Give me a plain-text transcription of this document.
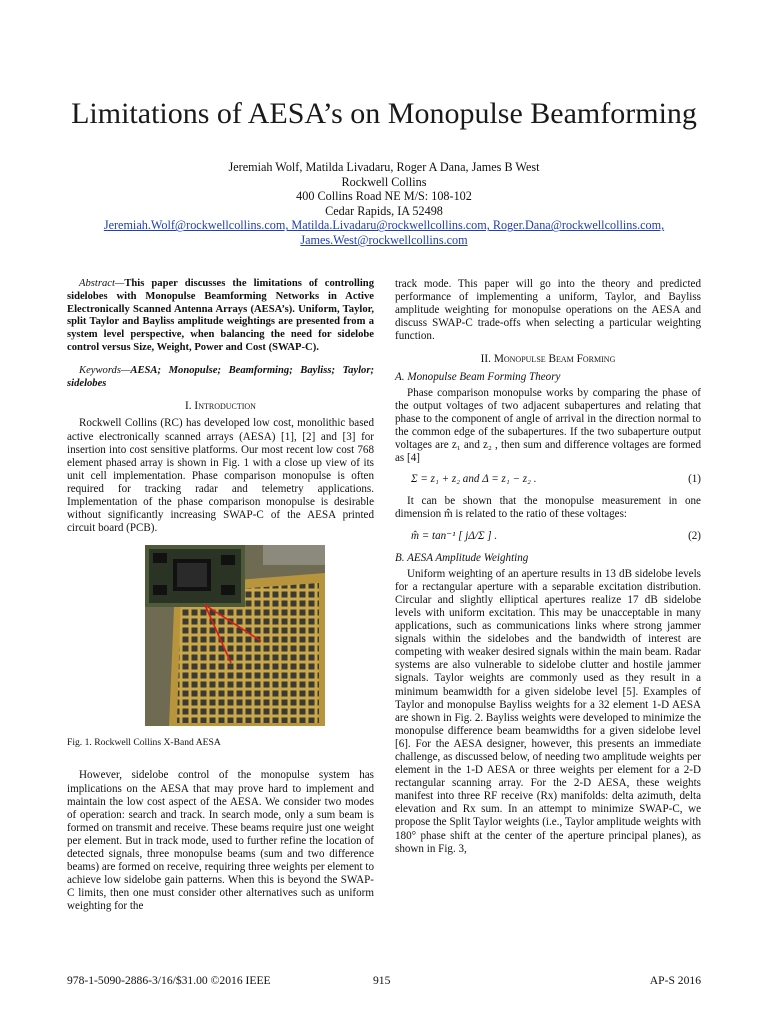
Limitations of AESA’s on Monopulse Beamforming
Jeremiah Wolf, Matilda Livadaru, Roger A Dana, James B West
Rockwell Collins
400 Collins Road NE M/S: 108-102
Cedar Rapids, IA 52498
Jeremiah.Wolf@rockwellcollins.com, Matilda.Livadaru@rockwellcollins.com, Roger.Dana@rockwellcollins.com,
James.West@rockwellcollins.com

Abstract—This paper discusses the limitations of controlling sidelobes with Monopulse Beamforming Networks in Active Electronically Scanned Antenna Arrays (AESA’s). Uniform, Taylor, split Taylor and Bayliss amplitude weightings are presented from a system level perspective, when balancing the need for sidelobe control versus Size, Weight, Power and Cost (SWAP-C).

Keywords—AESA; Monopulse; Beamforming; Bayliss; Taylor; sidelobes

I. Introduction

Rockwell Collins (RC) has developed low cost, monolithic based active electronically scanned arrays (AESA) [1], [2] and [3] for insertion into cost sensitive platforms. Our most recent low cost 768 element phased array is shown in Fig. 1 with a close up view of its unit cell implementation. Phase comparison monopulse is often required for tracking radar and telemetry applications. Implementation of the phase comparison monopulse is desirable without significantly increasing SWAP-C of the AESA printed circuit board (PCB).

Fig. 1. Rockwell Collins X-Band AESA

However, sidelobe control of the monopulse system has implications on the AESA that may prove hard to implement and maintain the low cost aspect of the AESA. We consider two modes of operation: search and track. In search mode, only a sum beam is formed on transmit and receive. These beams require just one weight per element. But in track mode, used to further refine the location of detected signals, three monopulse beams (sum and two difference beams) are formed on receive, requiring three weights per element to achieve low sidelobe gain patterns. When this is beyond the SWAP-C limits, then one must consider other alternatives such as uniform weighting for the

track mode. This paper will go into the theory and predicted performance of implementing a uniform, Taylor, and Bayliss amplitude weighting for monopulse operations on the AESA and discuss SWAP-C trade-offs when selecting a particular weighting function.

II. Monopulse Beam Forming
A. Monopulse Beam Forming Theory

Phase comparison monopulse works by comparing the phase of the output voltages of two adjacent subapertures and relating that phase to the component of angle of arrival in the direction normal to the common edge of the subapertures. If the two subaperture output voltages are z₁ and z₂ , then sum and difference voltages are formed as [4]

Σ = z₁ + z₂ and Δ = z₁ − z₂ .	(1)

It can be shown that the monopulse measurement in one dimension m̂ is related to the ratio of these voltages:

m̂ = tan⁻¹ [ jΔ/Σ ] .	(2)
B. AESA Amplitude Weighting

Uniform weighting of an aperture results in 13 dB sidelobe levels for a rectangular aperture with a separable excitation distribution. Circular and slightly elliptical apertures realize 17 dB sidelobe levels with uniform excitation. This may be unacceptable in many applications, such as communications links where strong jammer signals within the sidelobes and the bandwidth of interest are competing with weaker desired signals within the main beam. Radar systems are also vulnerable to sidelobe clutter and hostile jammer signals. Taylor weights are commonly used as they result in a minimum beamwidth for a given sidelobe level [5]. Examples of Taylor and monopulse Bayliss weights for a 32 element 1-D AESA are shown in Fig. 2. Bayliss weights were developed to minimize the monopulse difference beam beamwidths for a given sidelobe level [6]. For the AESA designer, however, this presents an immediate challenge, as discussed below, of needing two amplitude weights per element in the 1-D AESA or three weights per element for a 2-D rectangular scanning array. For the 2-D AESA, these weights manifest into three RF receive (Rx) manifolds: delta azimuth, delta elevation and Rx sum. In an attempt to minimize SWAP-C, we propose the Split Taylor weights (i.e., Taylor amplitude weights with 180° phase shift at the center of the aperture principal planes), as shown in Fig. 3,

978-1-5090-2886-3/16/$31.00 ©2016 IEEE	915	AP-S 2016
